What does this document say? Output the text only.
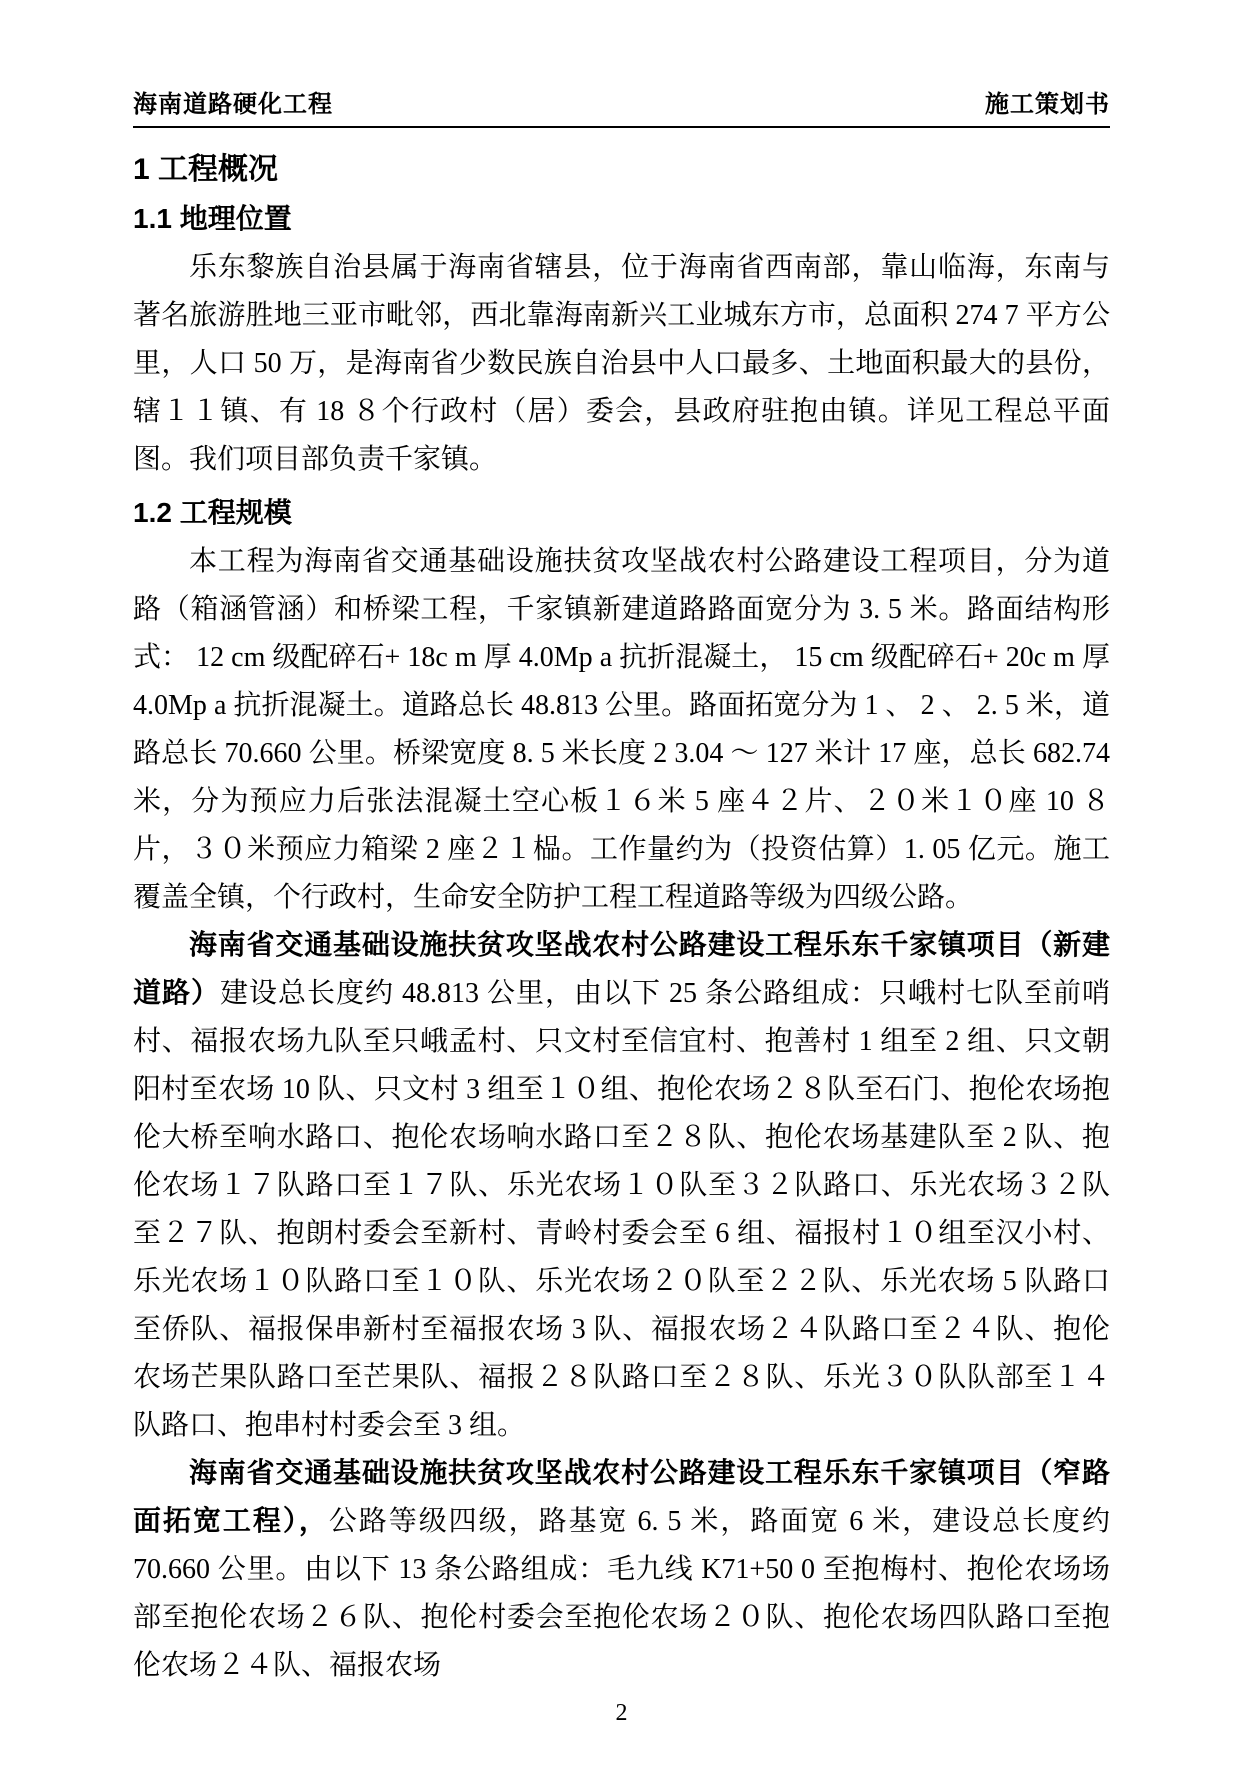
海南道路硬化工程	施工策划书
1 工程概况
1.1 地理位置

乐东黎族自治县属于海南省辖县，位于海南省西南部，靠山临海，东南与著名旅游胜地三亚市毗邻，西北靠海南新兴工业城东方市，总面积 274 7 平方公里，人口 50 万，是海南省少数民族自治县中人口最多、土地面积最大的县份，辖１１镇、有 18 ８个行政村（居）委会，县政府驻抱由镇。详见工程总平面图。我们项目部负责千家镇。

1.2 工程规模

本工程为海南省交通基础设施扶贫攻坚战农村公路建设工程项目，分为道路（箱涵管涵）和桥梁工程，千家镇新建道路路面宽分为 3. 5 米。路面结构形式： 12 cm 级配碎石+ 18c m 厚 4.0Mp a 抗折混凝土， 15 cm 级配碎石+ 20c m 厚 4.0Mp a 抗折混凝土。道路总长 48.813 公里。路面拓宽分为 1 、 2 、 2. 5 米，道路总长 70.660 公里。桥梁宽度 8. 5 米长度 2 3.04 ～ 127 米计 17 座，总长 682.74 米，分为预应力后张法混凝土空心板１６米 5 座４２片、２０米１０座 10 ８片，３０米预应力箱梁 2 座２１榀。工作量约为（投资估算）1. 05 亿元。施工覆盖全镇，个行政村，生命安全防护工程工程道路等级为四级公路。

海南省交通基础设施扶贫攻坚战农村公路建设工程乐东千家镇项目（新建道路）建设总长度约 48.813 公里，由以下 25 条公路组成：只峨村七队至前哨村、福报农场九队至只峨孟村、只文村至信宜村、抱善村 1 组至 2 组、只文朝阳村至农场 10 队、只文村 3 组至１０组、抱伦农场２８队至石门、抱伦农场抱伦大桥至响水路口、抱伦农场响水路口至２８队、抱伦农场基建队至 2 队、抱伦农场１７队路口至１７队、乐光农场１０队至３２队路口、乐光农场３２队至２７队、抱朗村委会至新村、青岭村委会至 6 组、福报村１０组至汉小村、乐光农场１０队路口至１０队、乐光农场２０队至２２队、乐光农场 5 队路口至侨队、福报保串新村至福报农场 3 队、福报农场２４队路口至２４队、抱伦农场芒果队路口至芒果队、福报２８队路口至２８队、乐光３０队队部至１４队路口、抱串村村委会至 3 组。

海南省交通基础设施扶贫攻坚战农村公路建设工程乐东千家镇项目（窄路面拓宽工程），公路等级四级，路基宽 6. 5 米，路面宽 6 米，建设总长度约 70.660 公里。由以下 13 条公路组成：毛九线 K71+50 0 至抱梅村、抱伦农场场部至抱伦农场２６队、抱伦村委会至抱伦农场２０队、抱伦农场四队路口至抱伦农场２４队、福报农场

2
